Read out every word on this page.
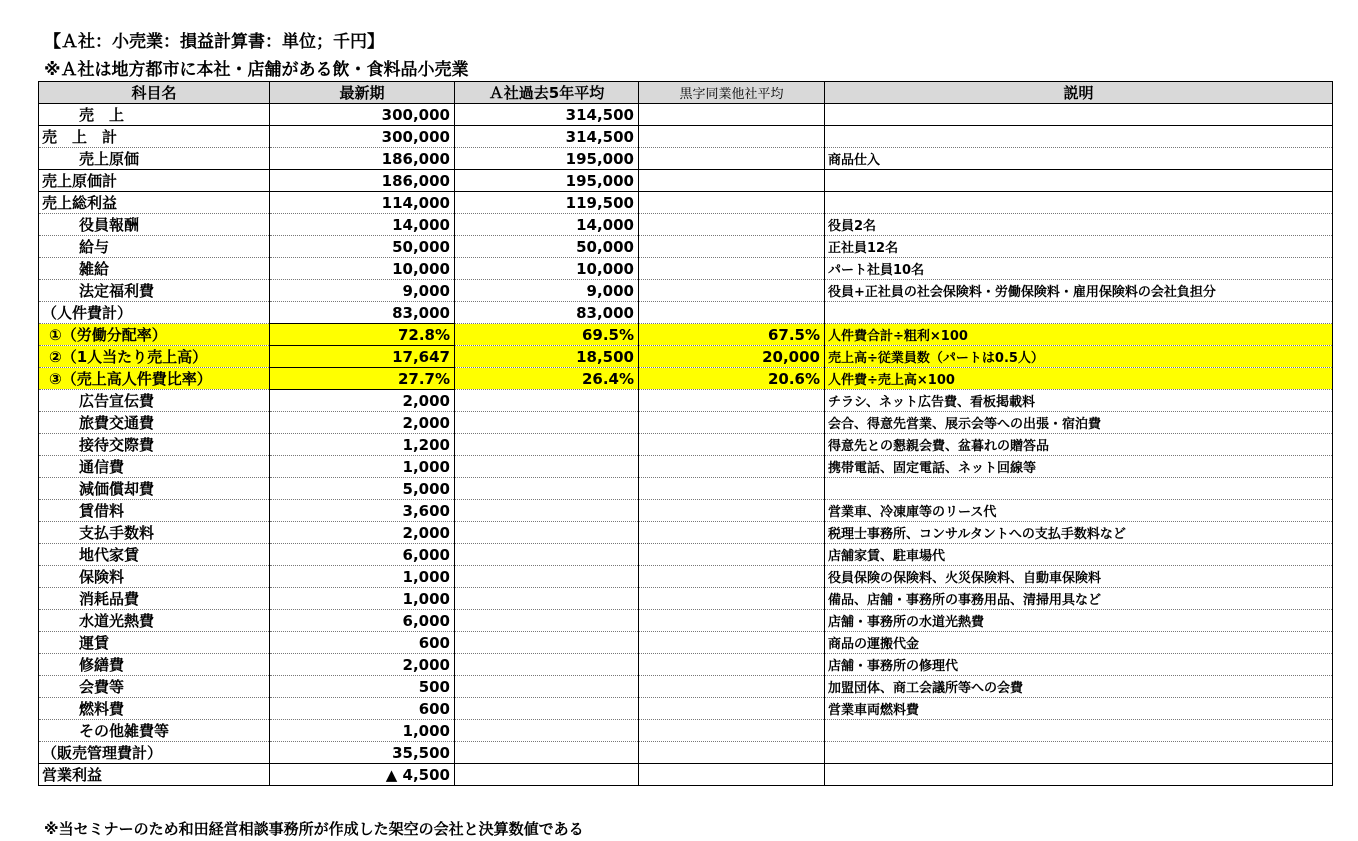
【Ａ社：小売業：損益計算書：単位；千円】
※Ａ社は地方都市に本社・店舗がある飲・食料品小売業
科目名	最新期	Ａ社過去5年平均	黒字同業他社平均	説明
売　上	300,000	314,500		
売　上　計	300,000	314,500		
売上原価	186,000	195,000		商品仕入
売上原価計	186,000	195,000		
売上総利益	114,000	119,500		
役員報酬	14,000	14,000		役員2名
給与	50,000	50,000		正社員12名
雑給	10,000	10,000		パート社員10名
法定福利費	9,000	9,000		役員+正社員の社会保険料・労働保険料・雇用保険料の会社負担分
（人件費計）	83,000	83,000		
①（労働分配率）	72.8%	69.5%	67.5%	人件費合計÷粗利×100
②（1人当たり売上高）	17,647	18,500	20,000	売上高÷従業員数（パートは0.5人）
③（売上高人件費比率）	27.7%	26.4%	20.6%	人件費÷売上高×100
広告宣伝費	2,000			チラシ、ネット広告費、看板掲載料
旅費交通費	2,000			会合、得意先営業、展示会等への出張・宿泊費
接待交際費	1,200			得意先との懇親会費、盆暮れの贈答品
通信費	1,000			携帯電話、固定電話、ネット回線等
減価償却費	5,000			
賃借料	3,600			営業車、冷凍庫等のリース代
支払手数料	2,000			税理士事務所、コンサルタントへの支払手数料など
地代家賃	6,000			店舗家賃、駐車場代
保険料	1,000			役員保険の保険料、火災保険料、自動車保険料
消耗品費	1,000			備品、店舗・事務所の事務用品、清掃用具など
水道光熱費	6,000			店舗・事務所の水道光熱費
運賃	600			商品の運搬代金
修繕費	2,000			店舗・事務所の修理代
会費等	500			加盟団体、商工会議所等への会費
燃料費	600			営業車両燃料費
その他雑費等	1,000			
（販売管理費計）	35,500			
営業利益	▲ 4,500			
※当セミナーのため和田経営相談事務所が作成した架空の会社と決算数値である
